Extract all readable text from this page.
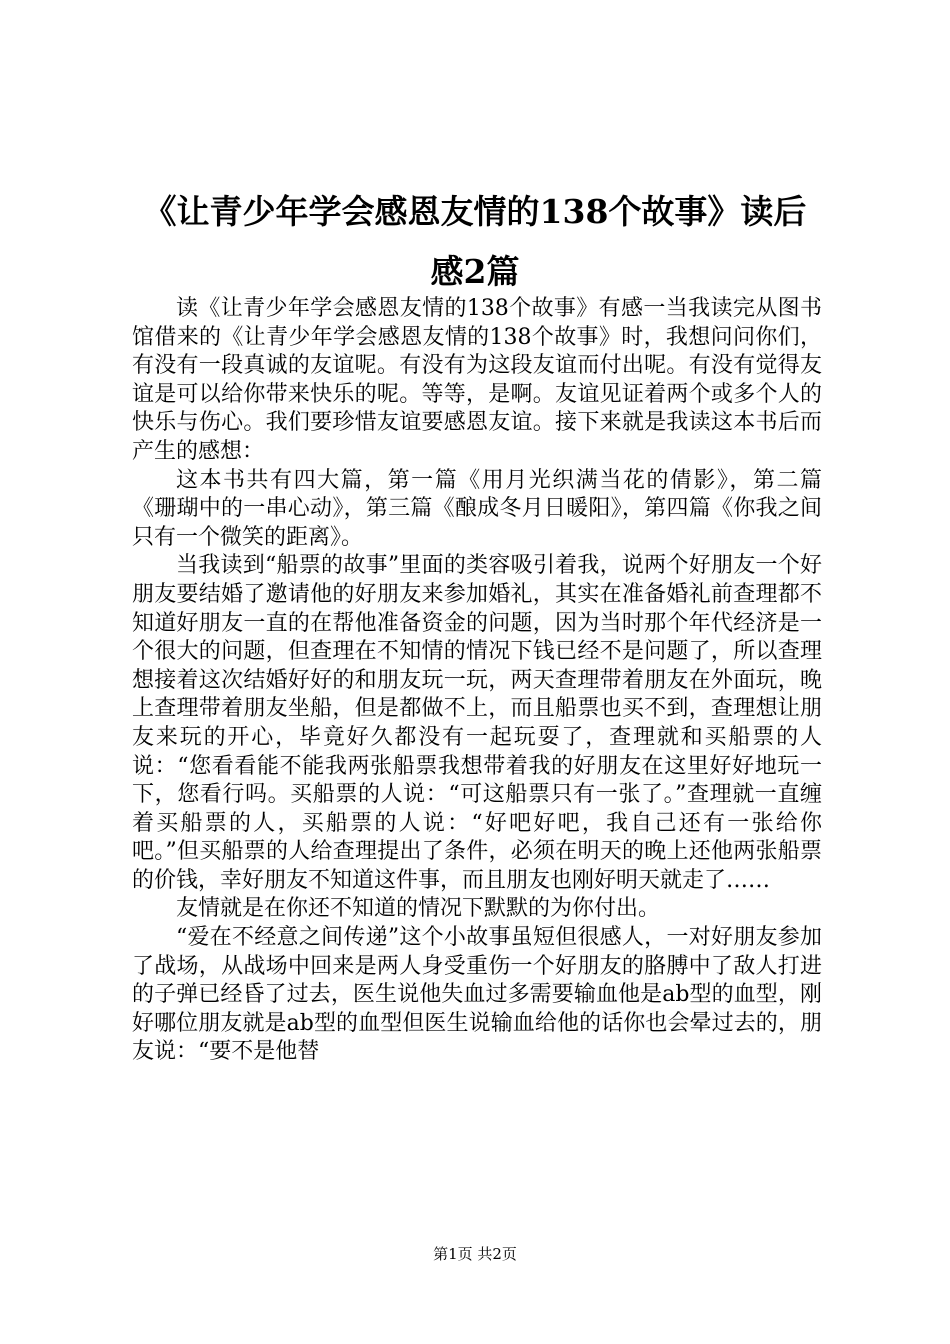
《让青少年学会感恩友情的138个故事》读后
感2篇

读《让青少年学会感恩友情的138个故事》有感一当我读完从图书馆借来的《让青少年学会感恩友情的138个故事》时，我想问问你们，有没有一段真诚的友谊呢。有没有为这段友谊而付出呢。有没有觉得友谊是可以给你带来快乐的呢。等等，是啊。友谊见证着两个或多个人的快乐与伤心。我们要珍惜友谊要感恩友谊。接下来就是我读这本书后而产生的感想：

这本书共有四大篇，第一篇《用月光织满当花的倩影》，第二篇《珊瑚中的一串心动》，第三篇《酿成冬月日暖阳》，第四篇《你我之间只有一个微笑的距离》。

当我读到“船票的故事”里面的类容吸引着我，说两个好朋友一个好朋友要结婚了邀请他的好朋友来参加婚礼，其实在准备婚礼前查理都不知道好朋友一直的在帮他准备资金的问题，因为当时那个年代经济是一个很大的问题，但查理在不知情的情况下钱已经不是问题了，所以查理想接着这次结婚好好的和朋友玩一玩，两天查理带着朋友在外面玩，晚上查理带着朋友坐船，但是都做不上，而且船票也买不到，查理想让朋友来玩的开心，毕竟好久都没有一起玩耍了，查理就和买船票的人说：“您看看能不能我两张船票我想带着我的好朋友在这里好好地玩一下，您看行吗。买船票的人说：“可这船票只有一张了。”查理就一直缠着买船票的人，买船票的人说：“好吧好吧，我自己还有一张给你吧。”但买船票的人给查理提出了条件，必须在明天的晚上还他两张船票的价钱，幸好朋友不知道这件事，而且朋友也刚好明天就走了……

友情就是在你还不知道的情况下默默的为你付出。

“爱在不经意之间传递”这个小故事虽短但很感人，一对好朋友参加了战场，从战场中回来是两人身受重伤一个好朋友的胳膊中了敌人打进的子弹已经昏了过去，医生说他失血过多需要输血他是ab型的血型，刚好哪位朋友就是ab型的血型但医生说输血给他的话你也会晕过去的，朋友说：“要不是他替

第1页 共2页
